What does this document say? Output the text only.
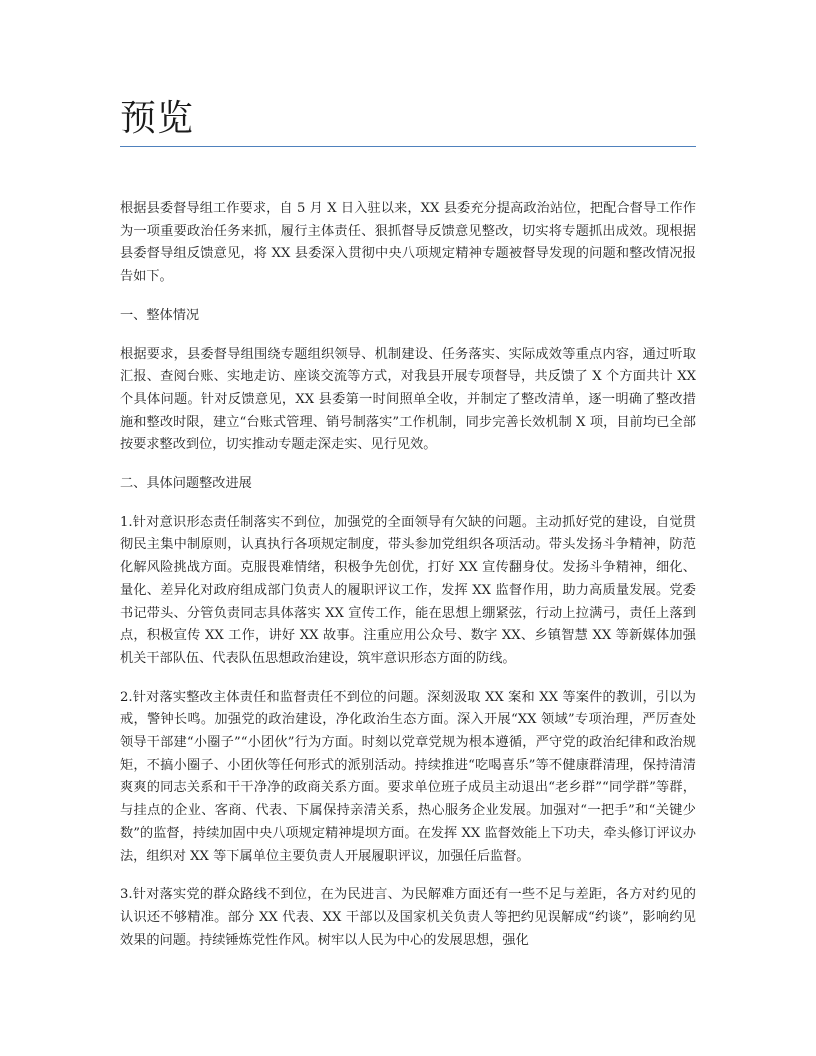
预览

根据县委督导组工作要求，自 5 月 X 日入驻以来，XX 县委充分提高政治站位，把配合督导工作作为一项重要政治任务来抓，履行主体责任、狠抓督导反馈意见整改，切实将专题抓出成效。现根据县委督导组反馈意见，将 XX 县委深入贯彻中央八项规定精神专题被督导发现的问题和整改情况报告如下。

一、整体情况

根据要求，县委督导组围绕专题组织领导、机制建设、任务落实、实际成效等重点内容，通过听取汇报、查阅台账、实地走访、座谈交流等方式，对我县开展专项督导，共反馈了 X 个方面共计 XX 个具体问题。针对反馈意见，XX 县委第一时间照单全收，并制定了整改清单，逐一明确了整改措施和整改时限，建立“台账式管理、销号制落实”工作机制，同步完善长效机制 X 项，目前均已全部按要求整改到位，切实推动专题走深走实、见行见效。

二、具体问题整改进展

1.针对意识形态责任制落实不到位，加强党的全面领导有欠缺的问题。主动抓好党的建设，自觉贯彻民主集中制原则，认真执行各项规定制度，带头参加党组织各项活动。带头发扬斗争精神，防范化解风险挑战方面。克服畏难情绪，积极争先创优，打好 XX 宣传翻身仗。发扬斗争精神，细化、量化、差异化对政府组成部门负责人的履职评议工作，发挥 XX 监督作用，助力高质量发展。党委书记带头、分管负责同志具体落实 XX 宣传工作，能在思想上绷紧弦，行动上拉满弓，责任上落到点，积极宣传 XX 工作，讲好 XX 故事。注重应用公众号、数字 XX、乡镇智慧 XX 等新媒体加强机关干部队伍、代表队伍思想政治建设，筑牢意识形态方面的防线。

2.针对落实整改主体责任和监督责任不到位的问题。深刻汲取 XX 案和 XX 等案件的教训，引以为戒，警钟长鸣。加强党的政治建设，净化政治生态方面。深入开展“XX 领域”专项治理，严厉查处领导干部建“小圈子”“小团伙”行为方面。时刻以党章党规为根本遵循，严守党的政治纪律和政治规矩，不搞小圈子、小团伙等任何形式的派别活动。持续推进“吃喝喜乐”等不健康群清理，保持清清爽爽的同志关系和干干净净的政商关系方面。要求单位班子成员主动退出“老乡群”“同学群”等群，与挂点的企业、客商、代表、下属保持亲清关系，热心服务企业发展。加强对“一把手”和“关键少数”的监督，持续加固中央八项规定精神堤坝方面。在发挥 XX 监督效能上下功夫，牵头修订评议办法，组织对 XX 等下属单位主要负责人开展履职评议，加强任后监督。

3.针对落实党的群众路线不到位，在为民进言、为民解难方面还有一些不足与差距，各方对约见的认识还不够精准。部分 XX 代表、XX 干部以及国家机关负责人等把约见误解成“约谈”，影响约见效果的问题。持续锤炼党性作风。树牢以人民为中心的发展思想，强化
